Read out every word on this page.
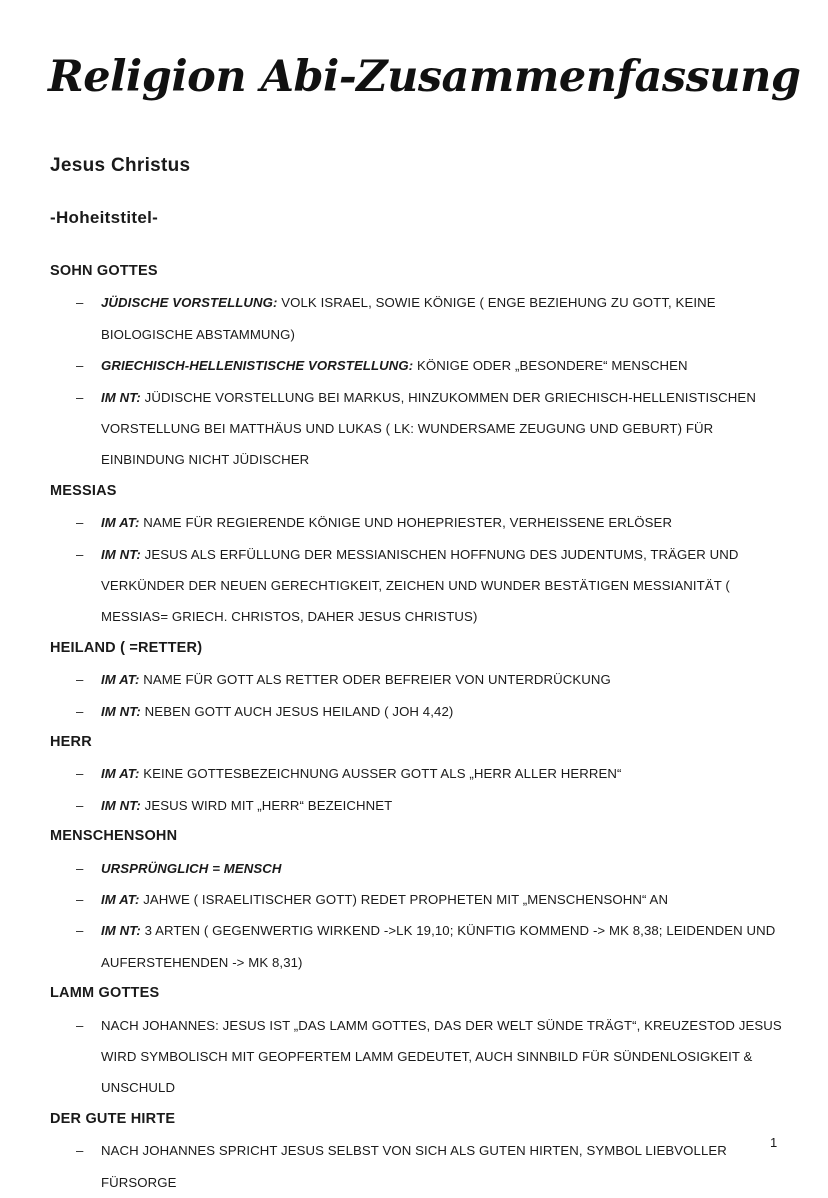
Religion Abi-Zusammenfassung
Jesus Christus
-Hoheitstitel-
SOHN GOTTES
– JÜDISCHE VORSTELLUNG: VOLK ISRAEL, SOWIE KÖNIGE ( ENGE BEZIEHUNG ZU GOTT, KEINE BIOLOGISCHE ABSTAMMUNG)
– GRIECHISCH-HELLENISTISCHE VORSTELLUNG: KÖNIGE ODER „BESONDERE“ MENSCHEN
– IM NT: JÜDISCHE VORSTELLUNG BEI MARKUS, HINZUKOMMEN DER GRIECHISCH-HELLENISTISCHEN VORSTELLUNG BEI MATTHÄUS UND LUKAS ( LK: WUNDERSAME ZEUGUNG UND GEBURT) FÜR EINBINDUNG NICHT JÜDISCHER
MESSIAS
– IM AT: NAME FÜR REGIERENDE KÖNIGE UND HOHEPRIESTER, VERHEISSENE ERLÖSER
– IM NT: JESUS ALS ERFÜLLUNG DER MESSIANISCHEN HOFFNUNG DES JUDENTUMS, TRÄGER UND VERKÜNDER DER NEUEN GERECHTIGKEIT, ZEICHEN UND WUNDER BESTÄTIGEN MESSIANITÄT ( MESSIAS= GRIECH. CHRISTOS, DAHER JESUS CHRISTUS)
HEILAND ( =RETTER)
– IM AT: NAME FÜR GOTT ALS RETTER ODER BEFREIER VON UNTERDRÜCKUNG
– IM NT: NEBEN GOTT AUCH JESUS HEILAND ( JOH 4,42)
HERR
– IM AT: KEINE GOTTESBEZEICHNUNG AUSSER GOTT ALS „HERR ALLER HERREN“
– IM NT: JESUS WIRD MIT „HERR“ BEZEICHNET
MENSCHENSOHN
– URSPRÜNGLICH = MENSCH
– IM AT: JAHWE ( ISRAELITISCHER GOTT) REDET PROPHETEN MIT „MENSCHENSOHN“ AN
– IM NT: 3 ARTEN ( GEGENWERTIG WIRKEND ->LK 19,10; KÜNFTIG KOMMEND -> MK 8,38; LEIDENDEN UND AUFERSTEHENDEN -> MK 8,31)
LAMM GOTTES
– NACH JOHANNES: JESUS IST „DAS LAMM GOTTES, DAS DER WELT SÜNDE TRÄGT“, KREUZESTOD JESUS WIRD SYMBOLISCH MIT GEOPFERTEM LAMM GEDEUTET, AUCH SINNBILD FÜR SÜNDENLOSIGKEIT & UNSCHULD
DER GUTE HIRTE
– NACH JOHANNES SPRICHT JESUS SELBST VON SICH ALS GUTEN HIRTEN, SYMBOL LIEBVOLLER FÜRSORGE
1
